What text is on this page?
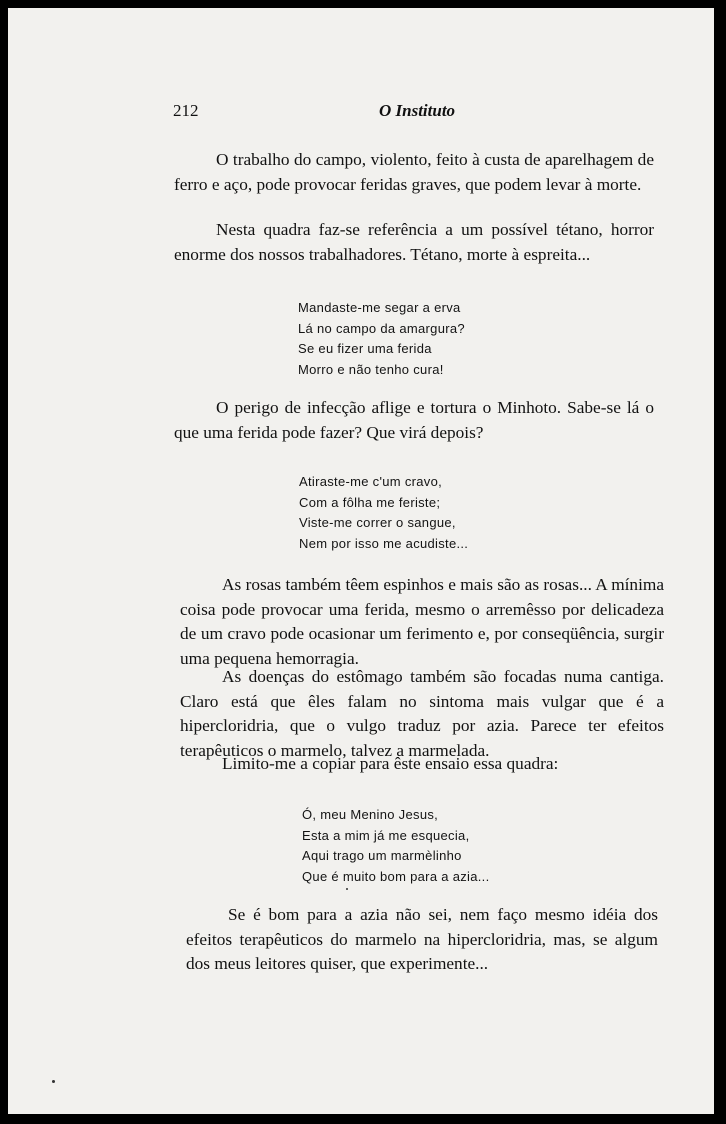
212	O Instituto

O trabalho do campo, violento, feito à custa de aparelhagem de ferro e aço, pode provocar feridas graves, que podem levar à morte.

Nesta quadra faz-se referência a um possível tétano, horror enorme dos nossos trabalhadores. Tétano, morte à espreita...

Mandaste-me segar a erva
Lá no campo da amargura?
Se eu fizer uma ferida
Morro e não tenho cura!

O perigo de infecção aflige e tortura o Minhoto. Sabe-se lá o que uma ferida pode fazer? Que virá depois?

Atiraste-me c'um cravo,
Com a fôlha me feriste;
Viste-me correr o sangue,
Nem por isso me acudiste...

As rosas também têem espinhos e mais são as rosas... A mínima coisa pode provocar uma ferida, mesmo o arremêsso por delicadeza de um cravo pode ocasionar um ferimento e, por conseqüência, surgir uma pequena hemorragia.

As doenças do estômago também são focadas numa cantiga. Claro está que êles falam no sintoma mais vulgar que é a hipercloridria, que o vulgo traduz por azia. Parece ter efeitos terapêuticos o marmelo, talvez a marmelada.

Limito-me a copiar para êste ensaio essa quadra:

Ó, meu Menino Jesus,
Esta a mim já me esquecia,
Aqui trago um marmèlinho
Que é muito bom para a azia...

Se é bom para a azia não sei, nem faço mesmo idéia dos efeitos terapêuticos do marmelo na hipercloridria, mas, se algum dos meus leitores quiser, que experimente...
